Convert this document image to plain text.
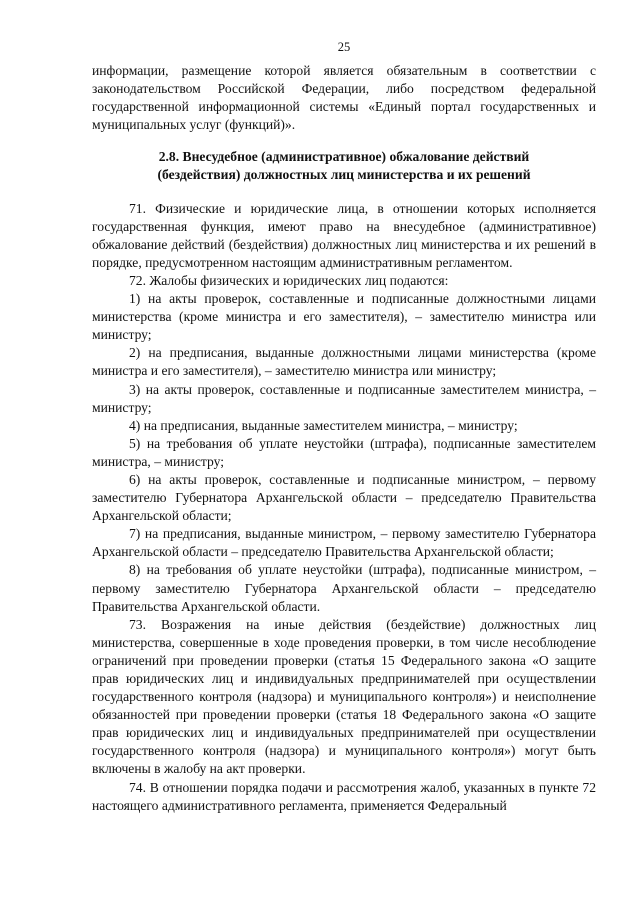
25

информации, размещение которой является обязательным в соответствии с законодательством Российской Федерации, либо посредством федеральной государственной информационной системы «Единый портал государственных и муниципальных услуг (функций)».

2.8. Внесудебное (административное) обжалование действий
(бездействия) должностных лиц министерства и их решений

71. Физические и юридические лица, в отношении которых исполняется государственная функция, имеют право на внесудебное (административное) обжалование действий (бездействия) должностных лиц министерства и их решений в порядке, предусмотренном настоящим административным регламентом.

72. Жалобы физических и юридических лиц подаются:

1) на акты проверок, составленные и подписанные должностными лицами министерства (кроме министра и его заместителя), – заместителю министра или министру;

2) на предписания, выданные должностными лицами министерства (кроме министра и его заместителя), – заместителю министра или министру;

3) на акты проверок, составленные и подписанные заместителем министра, – министру;

4) на предписания, выданные заместителем министра, – министру;

5) на требования об уплате неустойки (штрафа), подписанные заместителем министра, – министру;

6) на акты проверок, составленные и подписанные министром, – первому заместителю Губернатора Архангельской области – председателю Правительства Архангельской области;

7) на предписания, выданные министром, – первому заместителю Губернатора Архангельской области – председателю Правительства Архангельской области;

8) на требования об уплате неустойки (штрафа), подписанные министром, – первому заместителю Губернатора Архангельской области – председателю Правительства Архангельской области.

73. Возражения на иные действия (бездействие) должностных лиц министерства, совершенные в ходе проведения проверки, в том числе несоблюдение ограничений при проведении проверки (статья 15 Федерального закона «О защите прав юридических лиц и индивидуальных предпринимателей при осуществлении государственного контроля (надзора) и муниципального контроля») и неисполнение обязанностей при проведении проверки (статья 18 Федерального закона «О защите прав юридических лиц и индивидуальных предпринимателей при осуществлении государственного контроля (надзора) и муниципального контроля») могут быть включены в жалобу на акт проверки.

74. В отношении порядка подачи и рассмотрения жалоб, указанных в пункте 72 настоящего административного регламента, применяется Федеральный
